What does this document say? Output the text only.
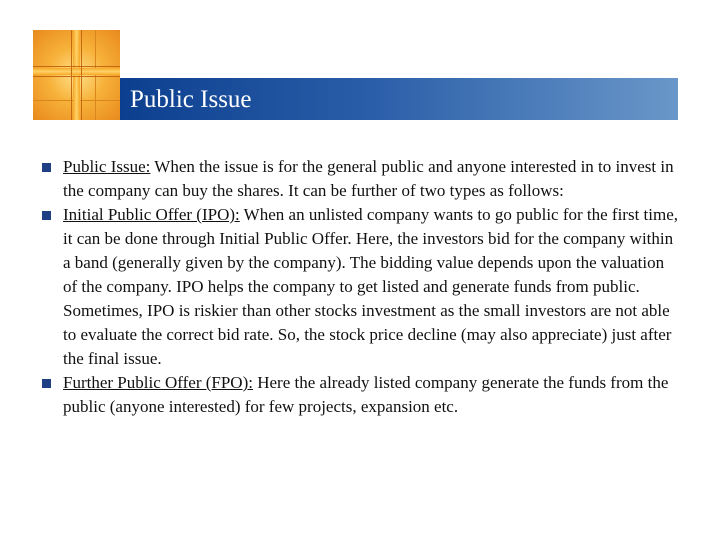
Public Issue
Public Issue: When the issue is for the general public and anyone interested in to invest in the company can buy the shares. It can be further of two types as follows:
Initial Public Offer (IPO): When an unlisted company wants to go public for the first time, it can be done through Initial Public Offer. Here, the investors bid for the company within a band (generally given by the company). The bidding value depends upon the valuation of the company. IPO helps the company to get listed and generate funds from public. Sometimes, IPO is riskier than other stocks investment as the small investors are not able to evaluate the correct bid rate. So, the stock price decline (may also appreciate) just after the final issue.
Further Public Offer (FPO): Here the already listed company generate the funds from the public (anyone interested) for few projects, expansion etc.
